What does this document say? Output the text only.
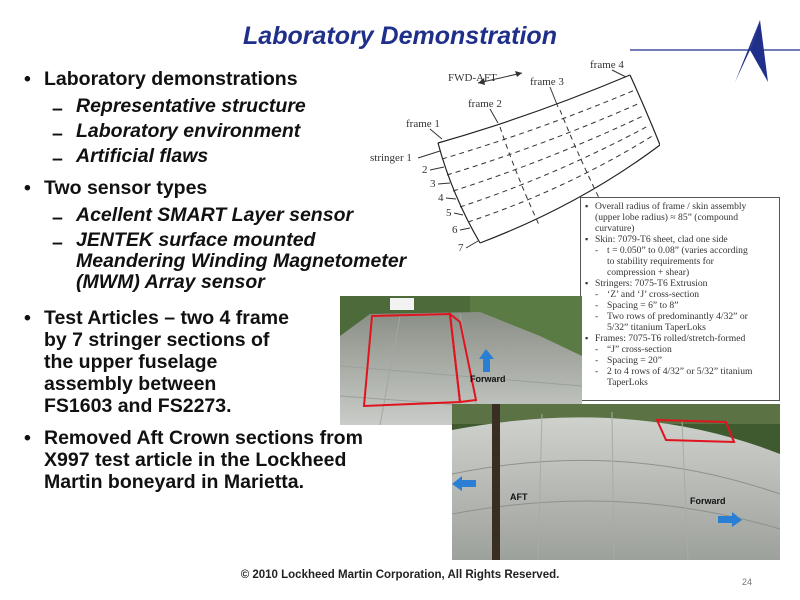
Laboratory Demonstration

• Laboratory demonstrations

– Representative structure

– Laboratory environment

– Artificial flaws

• Two sensor types

– Acellent SMART Layer sensor

– JENTEK surface mounted
Meandering Winding Magnetometer
(MWM) Array sensor

• Test Articles – two 4 frame
by 7 stringer sections of
the upper fuselage
assembly between
FS1603 and FS2273.

• Removed Aft Crown sections from
X997 test article in the Lockheed
Martin boneyard in Marietta.

FWD-AFT
frame 1
frame 2
frame 3
frame 4
stringer 1
2
3
4
5
6
7
▪ Overall radius of frame / skin assembly
(upper lobe radius) ≈ 85” (compound
curvature)
▪ Skin: 7079-T6 sheet, clad one side
- t = 0.050” to 0.08” (varies according
to stability requirements for
compression + shear)
▪ Stringers: 7075-T6 Extrusion
- ‘Z’ and ‘J’ cross-section
- Spacing = 6” to 8”
- Two rows of predominantly 4/32” or
5/32” titanium TaperLoks
▪ Frames: 7075-T6 rolled/stretch-formed
- “J” cross-section
- Spacing = 20”
- 2 to 4 rows of 4/32” or 5/32” titanium
TaperLoks
Forward
AFT	Forward
© 2010 Lockheed Martin Corporation, All Rights Reserved.
24
